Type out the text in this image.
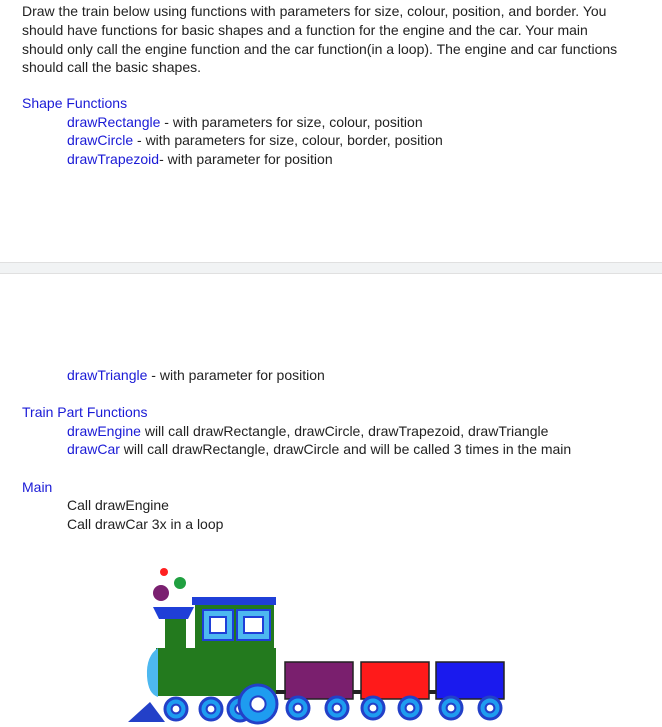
Draw the train below using functions with parameters for size, colour, position, and border. You
should have functions for basic shapes and a function for the engine and the car. Your main
should only call the engine function and the car function(in a loop). The engine and car functions
should call the basic shapes.
Shape Functions
drawRectangle - with parameters for size, colour, position
drawCircle - with parameters for size, colour, border, position
drawTrapezoid- with parameter for position
drawTriangle - with parameter for position
Train Part Functions
drawEngine will call drawRectangle, drawCircle, drawTrapezoid, drawTriangle
drawCar will call drawRectangle, drawCircle and will be called 3 times in the main
Main
Call drawEngine
Call drawCar 3x in a loop
